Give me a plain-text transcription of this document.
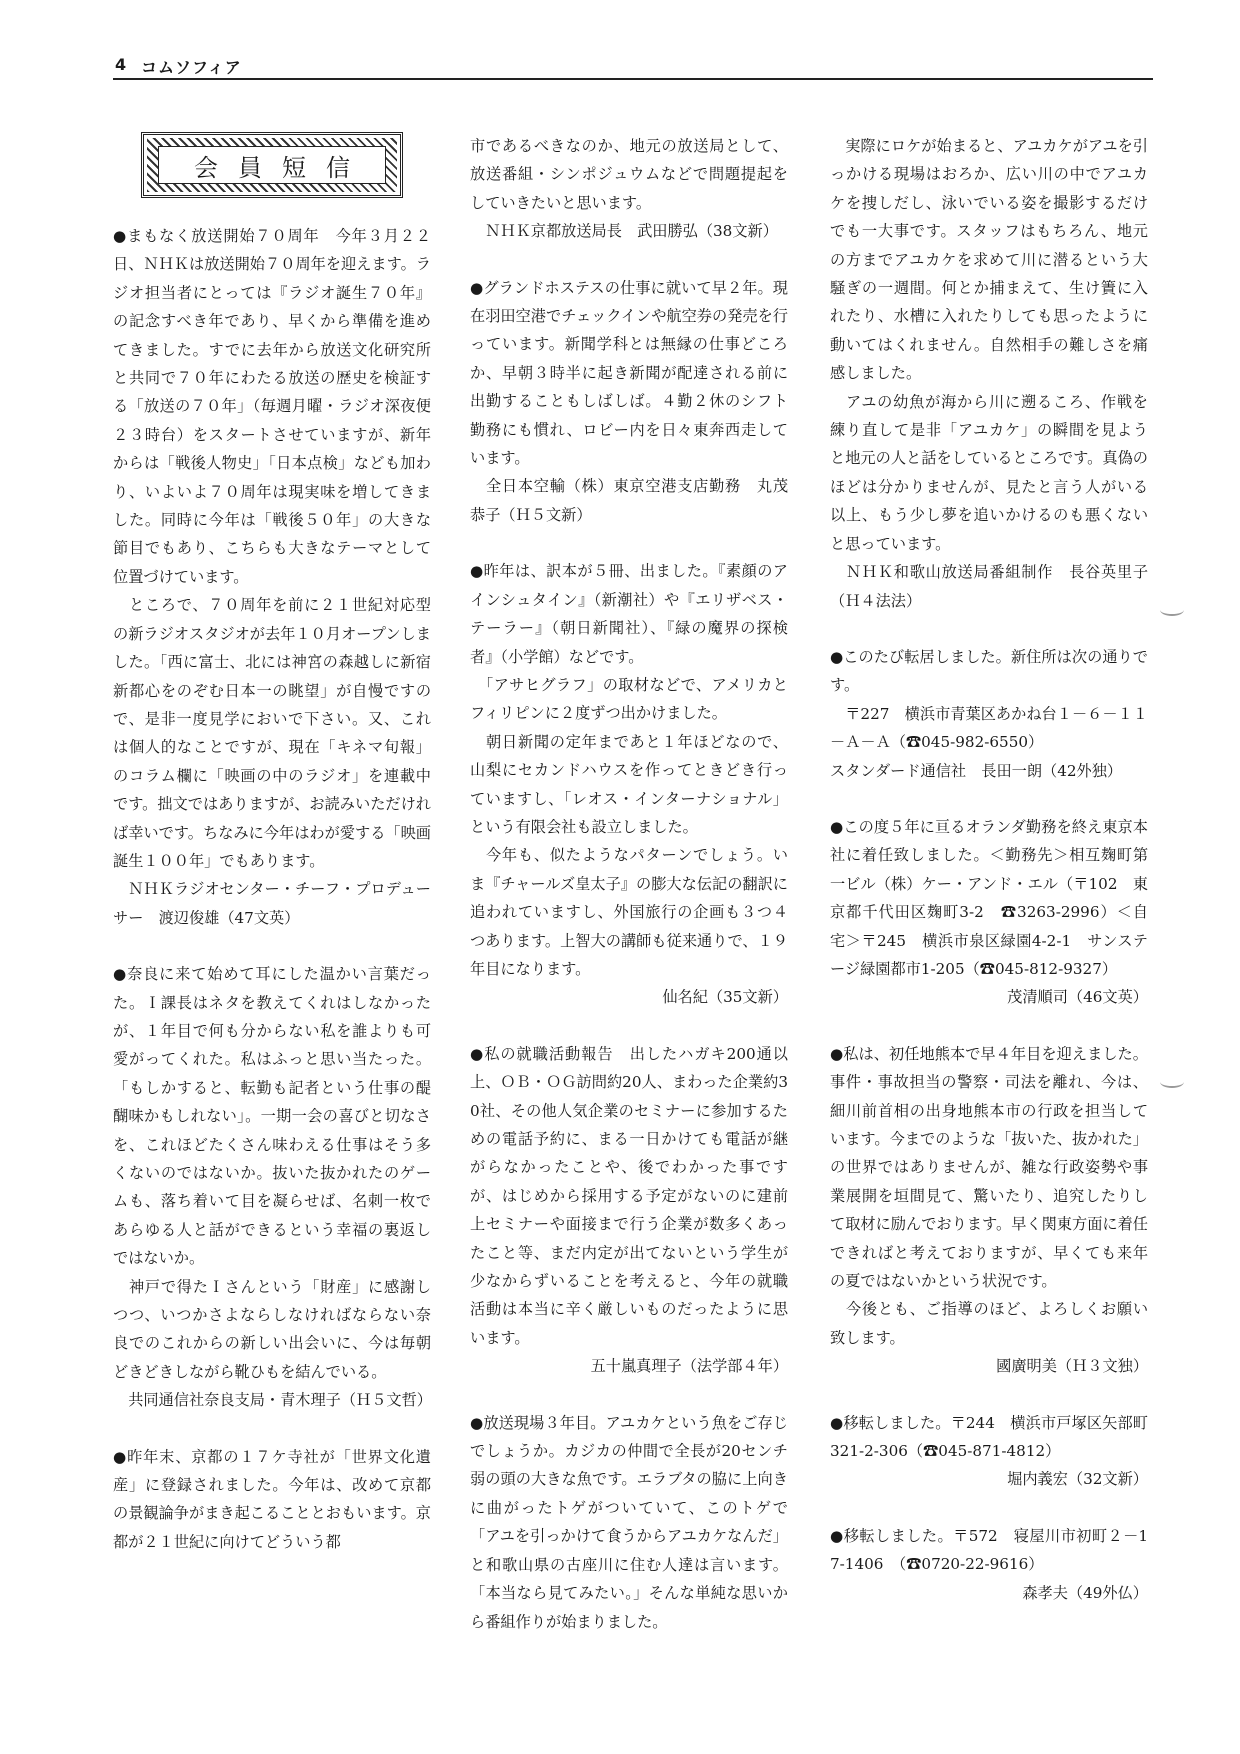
4 コムソフィア
会員短信

●まもなく放送開始７０周年　今年３月２２日、ＮＨＫは放送開始７０周年を迎えます。ラジオ担当者にとっては『ラジオ誕生７０年』の記念すべき年であり、早くから準備を進めてきました。すでに去年から放送文化研究所と共同で７０年にわたる放送の歴史を検証する「放送の７０年」（毎週月曜・ラジオ深夜便２３時台）をスタートさせていますが、新年からは「戦後人物史」「日本点検」なども加わり、いよいよ７０周年は現実味を増してきました。同時に今年は「戦後５０年」の大きな節目でもあり、こちらも大きなテーマとして位置づけています。

　ところで、７０周年を前に２１世紀対応型の新ラジオスタジオが去年１０月オープンしました。「西に富士、北には神宮の森越しに新宿新都心をのぞむ日本一の眺望」が自慢ですので、是非一度見学においで下さい。又、これは個人的なことですが、現在「キネマ旬報」のコラム欄に「映画の中のラジオ」を連載中です。拙文ではありますが、お読みいただければ幸いです。ちなみに今年はわが愛する「映画誕生１００年」でもあります。

　ＮＨＫラジオセンター・チーフ・プロデューサー　渡辺俊雄（47文英）

●奈良に来て始めて耳にした温かい言葉だった。Ｉ課長はネタを教えてくれはしなかったが、１年目で何も分からない私を誰よりも可愛がってくれた。私はふっと思い当たった。「もしかすると、転勤も記者という仕事の醍醐味かもしれない」。一期一会の喜びと切なさを、これほどたくさん味わえる仕事はそう多くないのではないか。抜いた抜かれたのゲームも、落ち着いて目を凝らせば、名刺一枚であらゆる人と話ができるという幸福の裏返しではないか。

　神戸で得たＩさんという「財産」に感謝しつつ、いつかさよならしなければならない奈良でのこれからの新しい出会いに、今は毎朝どきどきしながら靴ひもを結んでいる。

　共同通信社奈良支局・青木理子（Ｈ５文哲）

●昨年末、京都の１７ケ寺社が「世界文化遺産」に登録されました。今年は、改めて京都の景観論争がまき起こることとおもいます。京都が２１世紀に向けてどういう都

市であるべきなのか、地元の放送局として、放送番組・シンポジュウムなどで問題提起をしていきたいと思います。

　ＮＨＫ京都放送局長　武田勝弘（38文新）

●グランドホステスの仕事に就いて早２年。現在羽田空港でチェックインや航空券の発売を行っています。新聞学科とは無縁の仕事どころか、早朝３時半に起き新聞が配達される前に出勤することもしばしば。４勤２休のシフト勤務にも慣れ、ロビー内を日々東奔西走しています。

　全日本空輸（株）東京空港支店勤務　丸茂恭子（Ｈ５文新）

●昨年は、訳本が５冊、出ました。『素顔のアインシュタイン』（新潮社）や『エリザベス・テーラー』（朝日新聞社）、『緑の魔界の探検者』（小学館）などです。

　「アサヒグラフ」の取材などで、アメリカとフィリピンに２度ずつ出かけました。

　朝日新聞の定年まであと１年ほどなので、山梨にセカンドハウスを作ってときどき行っていますし、「レオス・インターナショナル」という有限会社も設立しました。

　今年も、似たようなパターンでしょう。いま『チャールズ皇太子』の膨大な伝記の翻訳に追われていますし、外国旅行の企画も３つ４つあります。上智大の講師も従来通りで、１９年目になります。

仙名紀（35文新）

●私の就職活動報告　出したハガキ200通以上、ＯＢ・ＯＧ訪問約20人、まわった企業約30社、その他人気企業のセミナーに参加するための電話予約に、まる一日かけても電話が継がらなかったことや、後でわかった事ですが、はじめから採用する予定がないのに建前上セミナーや面接まで行う企業が数多くあったこと等、まだ内定が出てないという学生が少なからずいることを考えると、今年の就職活動は本当に辛く厳しいものだったように思います。

五十嵐真理子（法学部４年）

●放送現場３年目。アユカケという魚をご存じでしょうか。カジカの仲間で全長が20センチ弱の頭の大きな魚です。エラブタの脇に上向きに曲がったトゲがついていて、このトゲで「アユを引っかけて食うからアユカケなんだ」と和歌山県の古座川に住む人達は言います。「本当なら見てみたい。」そんな単純な思いから番組作りが始まりました。

　実際にロケが始まると、アユカケがアユを引っかける現場はおろか、広い川の中でアユカケを捜しだし、泳いでいる姿を撮影するだけでも一大事です。スタッフはもちろん、地元の方までアユカケを求めて川に潜るという大騒ぎの一週間。何とか捕まえて、生け簀に入れたり、水槽に入れたりしても思ったように動いてはくれません。自然相手の難しさを痛感しました。

　アユの幼魚が海から川に遡るころ、作戦を練り直して是非「アユカケ」の瞬間を見ようと地元の人と話をしているところです。真偽のほどは分かりませんが、見たと言う人がいる以上、もう少し夢を追いかけるのも悪くないと思っています。

　ＮＨＫ和歌山放送局番組制作　長谷英里子（Ｈ４法法）

●このたび転居しました。新住所は次の通りです。

　〒227　横浜市青葉区あかね台１－６－１１－Ａ－Ａ（☎045-982-6550）

スタンダード通信社　長田一朗（42外独）

●この度５年に亘るオランダ勤務を終え東京本社に着任致しました。＜勤務先＞相互麹町第一ビル（株）ケー・アンド・エル（〒102　東京都千代田区麹町3-2　☎3263-2996）＜自宅＞〒245　横浜市泉区緑園4-2-1　サンステージ緑園都市1-205（☎045-812-9327）

茂清順司（46文英）

●私は、初任地熊本で早４年目を迎えました。事件・事故担当の警察・司法を離れ、今は、細川前首相の出身地熊本市の行政を担当しています。今までのような「抜いた、抜かれた」の世界ではありませんが、雑な行政姿勢や事業展開を垣間見て、驚いたり、追究したりして取材に励んでおります。早く関東方面に着任できればと考えておりますが、早くても来年の夏ではないかという状況です。

　今後とも、ご指導のほど、よろしくお願い致します。

國廣明美（Ｈ３文独）

●移転しました。〒244　横浜市戸塚区矢部町321-2-306（☎045-871-4812）

堀内義宏（32文新）

●移転しました。〒572　寝屋川市初町２－17-1406　（☎0720-22-9616）

森孝夫（49外仏）
